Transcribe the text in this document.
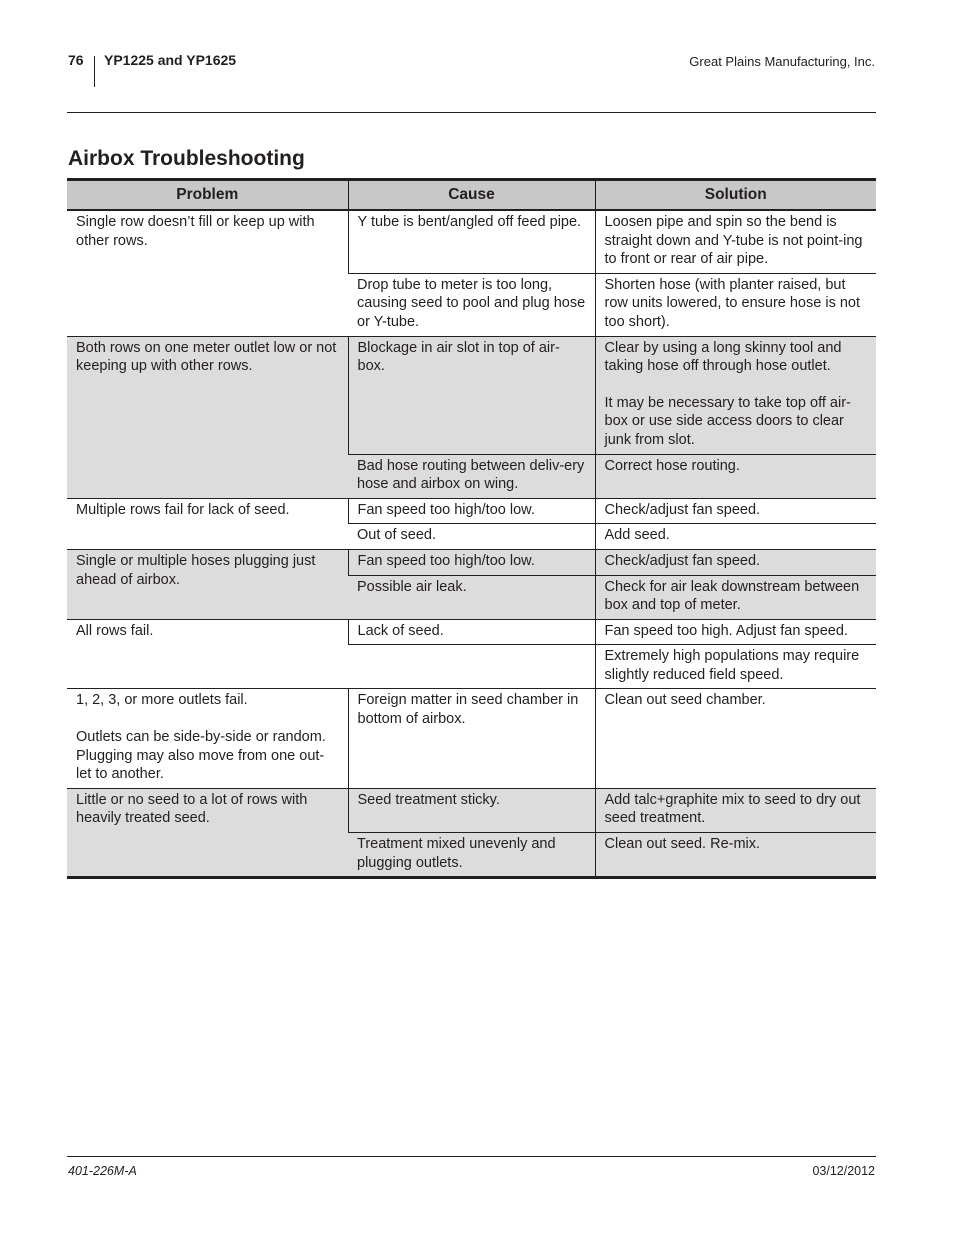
76 YP1225 and YP1625	Great Plains Manufacturing, Inc.
Airbox Troubleshooting
Problem	Cause	Solution
Single row doesn’t fill or keep up with other rows.	Y tube is bent/angled off feed pipe.	Loosen pipe and spin so the bend is straight down and Y-tube is not point-ing to front or rear of air pipe.
	Drop tube to meter is too long, causing seed to pool and plug hose or Y-tube.	Shorten hose (with planter raised, but row units lowered, to ensure hose is not too short).
Both rows on one meter outlet low or not keeping up with other rows.	Blockage in air slot in top of air-box.	Clear by using a long skinny tool and taking hose off through hose outlet.
It may be necessary to take top off air-box or use side access doors to clear junk from slot.

	Bad hose routing between deliv-ery hose and airbox on wing.	Correct hose routing.
Multiple rows fail for lack of seed.	Fan speed too high/too low.	Check/adjust fan speed.
	Out of seed.	Add seed.
Single or multiple hoses plugging just ahead of airbox.	Fan speed too high/too low.	Check/adjust fan speed.
	Possible air leak.	Check for air leak downstream between box and top of meter.
All rows fail.	Lack of seed.	Fan speed too high. Adjust fan speed.
		Extremely high populations may require slightly reduced field speed.

1, 2, 3, or more outlets fail.
Outlets can be side-by-side or random. Plugging may also move from one out-let to another.	Foreign matter in seed chamber in bottom of airbox.	Clean out seed chamber.
Little or no seed to a lot of rows with heavily treated seed.	Seed treatment sticky.	Add talc+graphite mix to seed to dry out seed treatment.
	Treatment mixed unevenly and plugging outlets.	Clean out seed. Re-mix.
401-226M-A	03/12/2012
